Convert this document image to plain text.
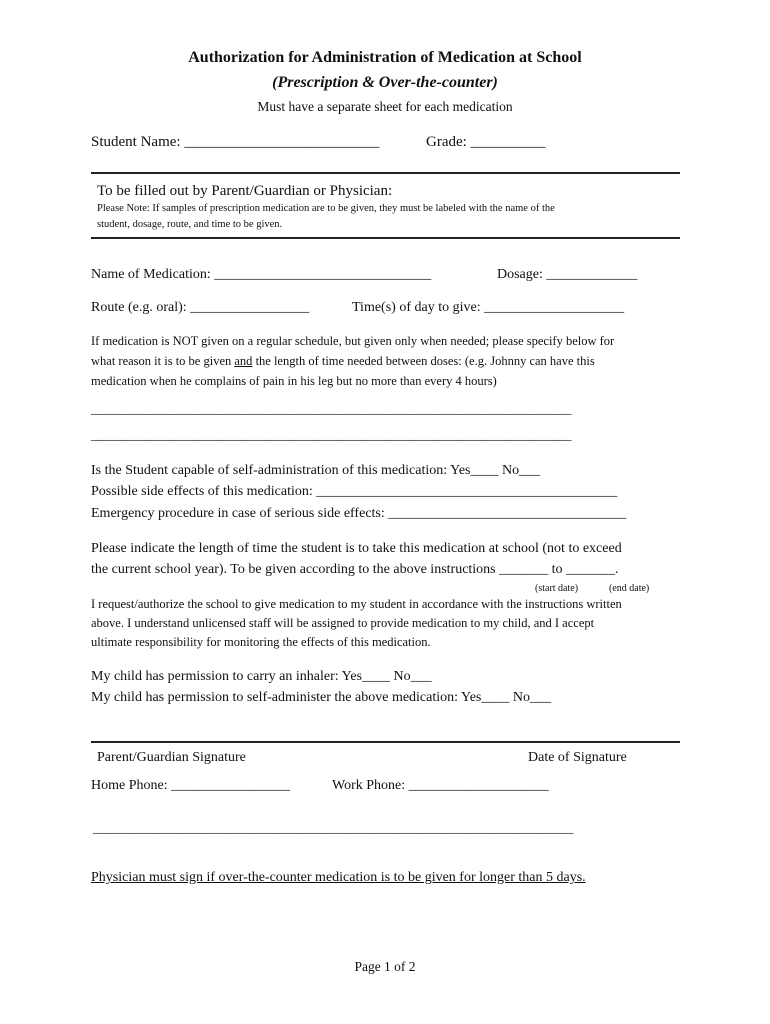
Authorization for Administration of Medication at School
(Prescription & Over-the-counter)
Must have a separate sheet for each medication
Student Name: __________________________	Grade: __________
To be filled out by Parent/Guardian or Physician:
Please Note: If samples of prescription medication are to be given, they must be labeled with the name of the
student, dosage, route, and time to be given.
Name of Medication: _______________________________	Dosage: _____________
Route (e.g. oral): _________________	Time(s) of day to give: ____________________
If medication is NOT given on a regular schedule, but given only when needed; please specify below for
what reason it is to be given and the length of time needed between doses: (e.g. Johnny can have this
medication when he complains of pain in his leg but no more than every 4 hours)
________________________________________________________________________________
________________________________________________________________________________
Is the Student capable of self-administration of this medication: Yes____ No___
Possible side effects of this medication: ___________________________________________
Emergency procedure in case of serious side effects: __________________________________
Please indicate the length of time the student is to take this medication at school (not to exceed
the current school year). To be given according to the above instructions _______ to _______.
(start date)	(end date)
I request/authorize the school to give medication to my student in accordance with the instructions written
above. I understand unlicensed staff will be assigned to provide medication to my child, and I accept
ultimate responsibility for monitoring the effects of this medication.
My child has permission to carry an inhaler: Yes____ No___
My child has permission to self-administer the above medication: Yes____ No___
Parent/Guardian Signature	Date of Signature
Home Phone: _________________	Work Phone: ____________________
________________________________________________________________________________
Physician must sign if over-the-counter medication is to be given for longer than 5 days.
Page 1 of 2
